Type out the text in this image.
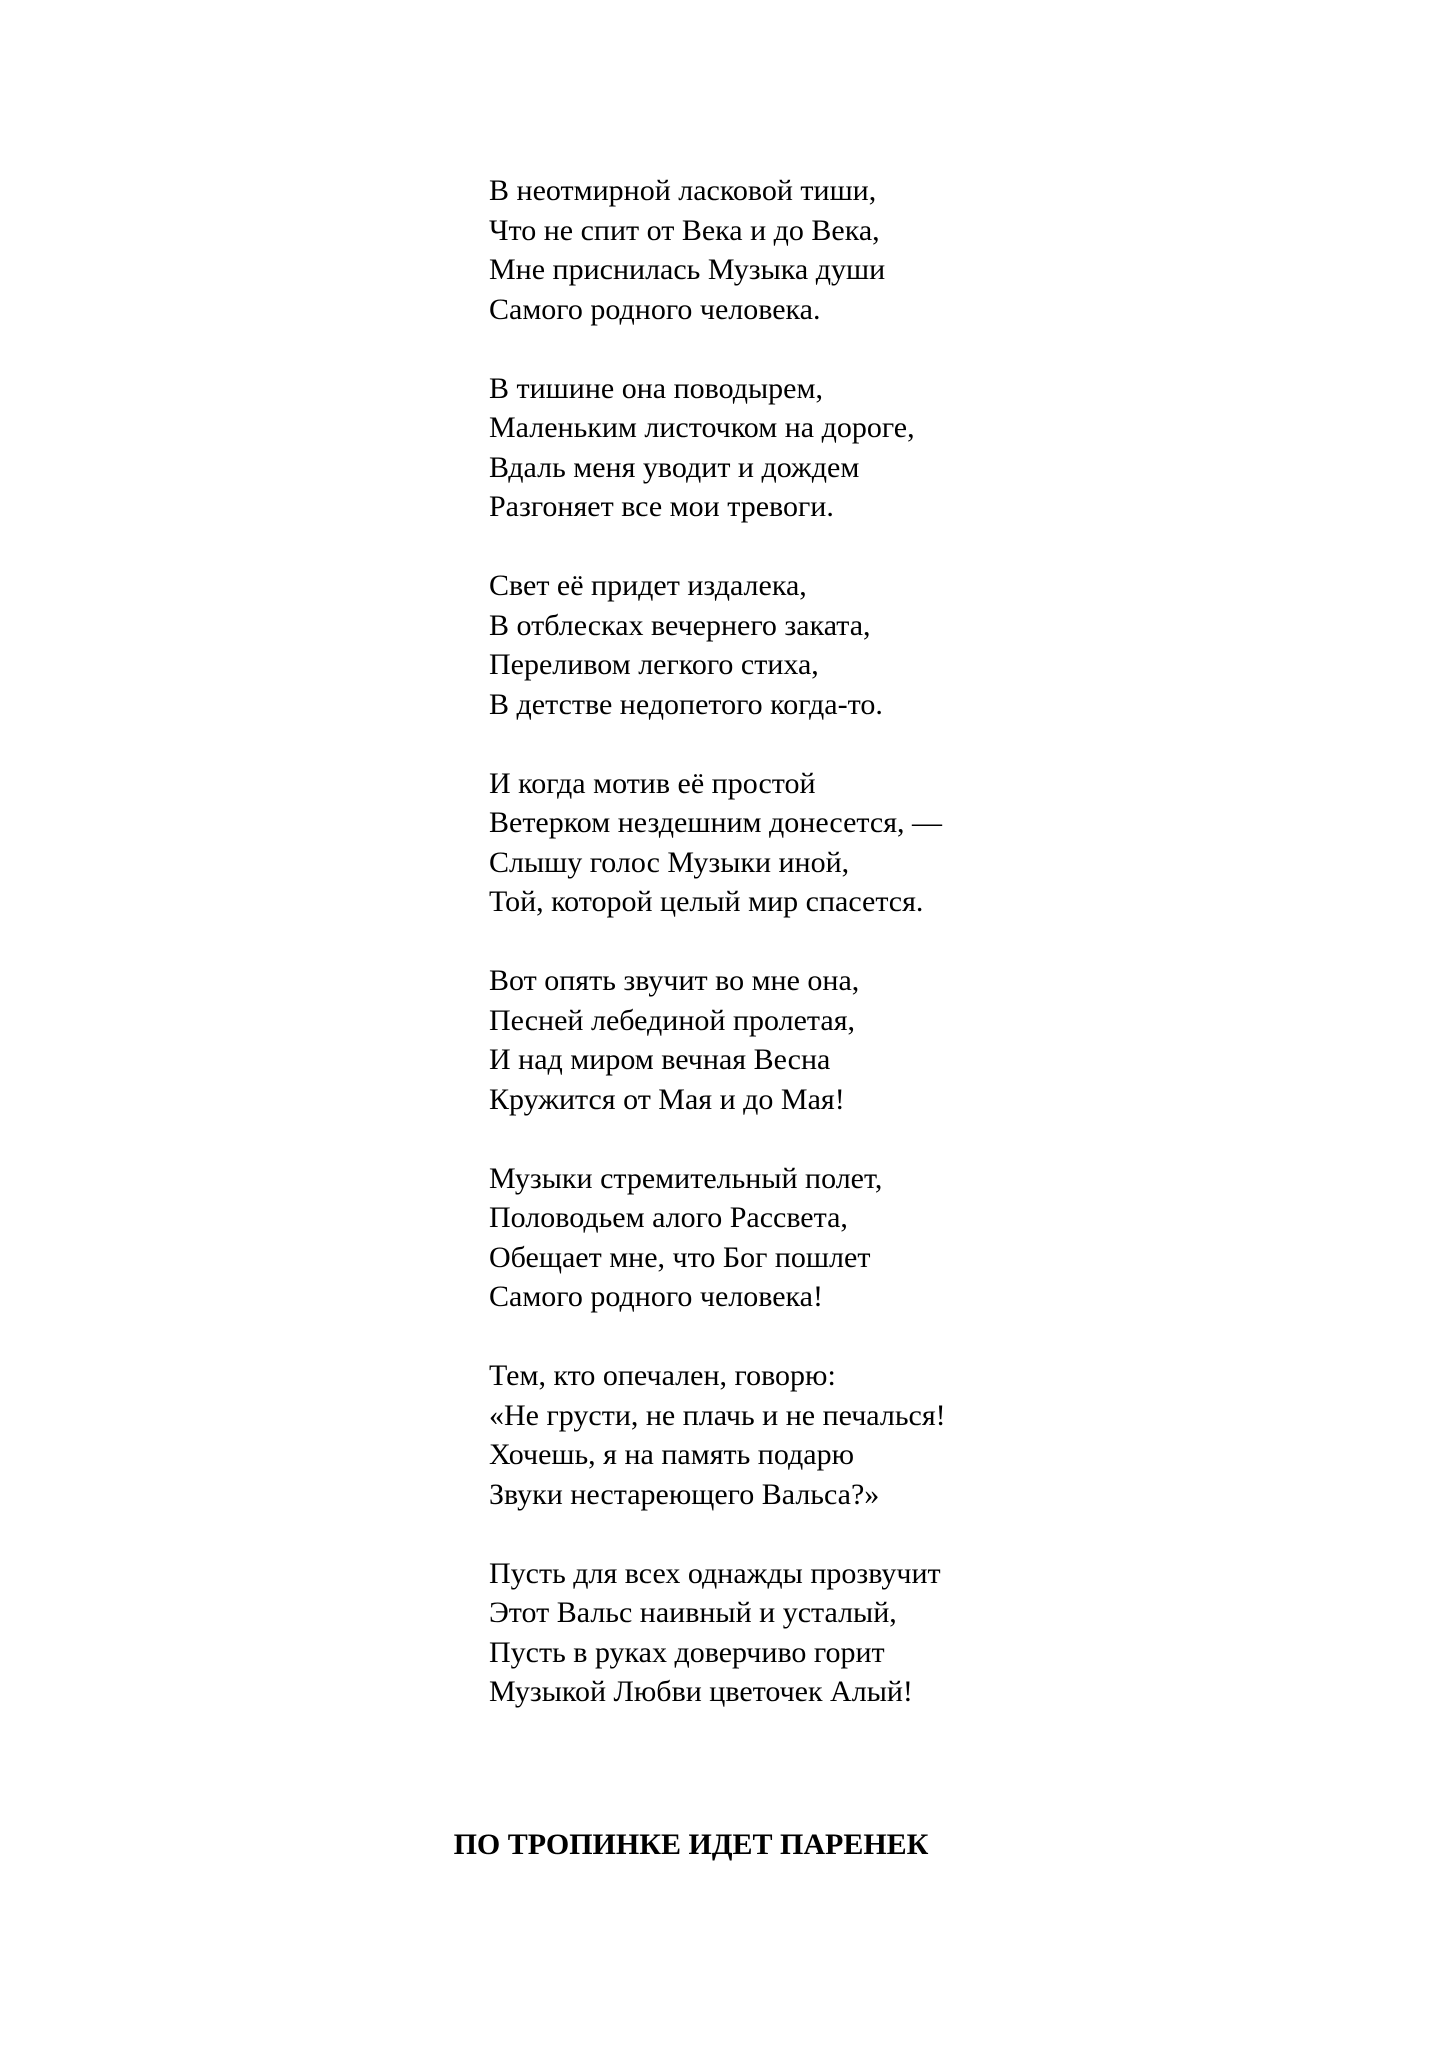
В неотмирной ласковой тиши,
Что не спит от Века и до Века,
Мне приснилась Музыка души
Самого родного человека.
В тишине она поводырем,
Маленьким листочком на дороге,
Вдаль меня уводит и дождем
Разгоняет все мои тревоги.
Свет её придет издалека,
В отблесках вечернего заката,
Переливом легкого стиха,
В детстве недопетого когда-то.
И когда мотив её простой
Ветерком нездешним донесется, —
Слышу голос Музыки иной,
Той, которой целый мир спасется.
Вот опять звучит во мне она,
Песней лебединой пролетая,
И над миром вечная Весна
Кружится от Мая и до Мая!
Музыки стремительный полет,
Половодьем алого Рассвета,
Обещает мне, что Бог пошлет
Самого родного человека!
Тем, кто опечален, говорю:
«Не грусти, не плачь и не печалься!
Хочешь, я на память подарю
Звуки нестареющего Вальса?»
Пусть для всех однажды прозвучит
Этот Вальс наивный и усталый,
Пусть в руках доверчиво горит
Музыкой Любви цветочек Алый!
ПО ТРОПИНКЕ ИДЕТ ПАРЕНЕК
